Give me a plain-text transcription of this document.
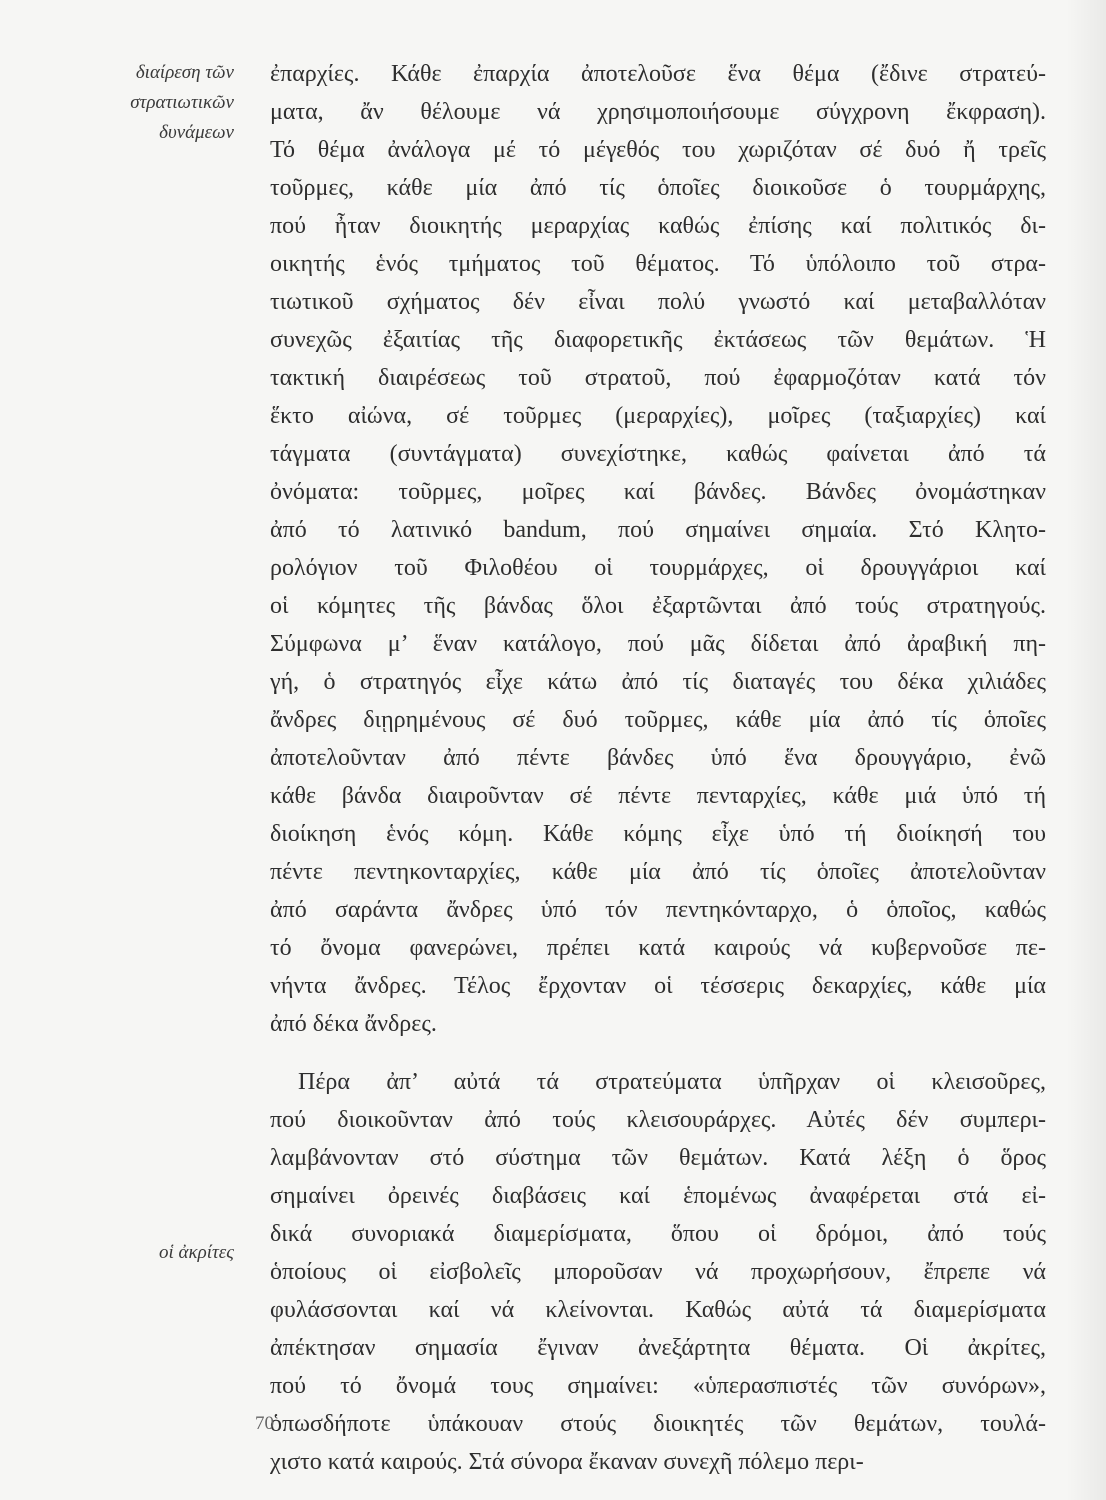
διαίρεση τῶν
στρατιωτικῶν
δυνάμεων
οἱ ἀκρίτες
ἐπαρχίες. Κάθε ἐπαρχία ἀποτελοῦσε ἕνα θέμα (ἔδινε στρατεύ-
ματα, ἄν θέλουμε νά χρησιμοποιήσουμε σύγχρονη ἔκφραση).
Τό θέμα ἀνάλογα μέ τό μέγεθός του χωριζόταν σέ δυό ἤ τρεῖς
τοῦρμες, κάθε μία ἀπό τίς ὁποῖες διοικοῦσε ὁ τουρμάρχης,
πού ἦταν διοικητής μεραρχίας καθώς ἐπίσης καί πολιτικός δι-
οικητής ἑνός τμήματος τοῦ θέματος. Τό ὑπόλοιπο τοῦ στρα-
τιωτικοῦ σχήματος δέν εἶναι πολύ γνωστό καί μεταβαλλόταν
συνεχῶς ἐξαιτίας τῆς διαφορετικῆς ἐκτάσεως τῶν θεμάτων. Ἡ
τακτική διαιρέσεως τοῦ στρατοῦ, πού ἐφαρμοζόταν κατά τόν
ἕκτο αἰώνα, σέ τοῦρμες (μεραρχίες), μοῖρες (ταξιαρχίες) καί
τάγματα (συντάγματα) συνεχίστηκε, καθώς φαίνεται ἀπό τά
ὀνόματα: τοῦρμες, μοῖρες καί βάνδες. Βάνδες ὀνομάστηκαν
ἀπό τό λατινικό bandum, πού σημαίνει σημαία. Στό Κλητο-
ρολόγιον τοῦ Φιλοθέου οἱ τουρμάρχες, οἱ δρουγγάριοι καί
οἱ κόμητες τῆς βάνδας ὅλοι ἐξαρτῶνται ἀπό τούς στρατηγούς.
Σύμφωνα μ’ ἕναν κατάλογο, πού μᾶς δίδεται ἀπό ἀραβική πη-
γή, ὁ στρατηγός εἶχε κάτω ἀπό τίς διαταγές του δέκα χιλιάδες
ἄνδρες διῃρημένους σέ δυό τοῦρμες, κάθε μία ἀπό τίς ὁποῖες
ἀποτελοῦνταν ἀπό πέντε βάνδες ὑπό ἕνα δρουγγάριο, ἐνῶ
κάθε βάνδα διαιροῦνταν σέ πέντε πενταρχίες, κάθε μιά ὑπό τή
διοίκηση ἑνός κόμη. Κάθε κόμης εἶχε ὑπό τή διοίκησή του
πέντε πεντηκονταρχίες, κάθε μία ἀπό τίς ὁποῖες ἀποτελοῦνταν
ἀπό σαράντα ἄνδρες ὑπό τόν πεντηκόνταρχο, ὁ ὁποῖος, καθώς
τό ὄνομα φανερώνει, πρέπει κατά καιρούς νά κυβερνοῦσε πε-
νήντα ἄνδρες. Τέλος ἔρχονταν οἱ τέσσερις δεκαρχίες, κάθε μία
ἀπό δέκα ἄνδρες.
Πέρα ἀπ’ αὐτά τά στρατεύματα ὑπῆρχαν οἱ κλεισοῦρες,
πού διοικοῦνταν ἀπό τούς κλεισουράρχες. Αὐτές δέν συμπερι-
λαμβάνονταν στό σύστημα τῶν θεμάτων. Κατά λέξη ὁ ὅρος
σημαίνει ὀρεινές διαβάσεις καί ἑπομένως ἀναφέρεται στά εἰ-
δικά συνοριακά διαμερίσματα, ὅπου οἱ δρόμοι, ἀπό τούς
ὁποίους οἱ εἰσβολεῖς μποροῦσαν νά προχωρήσουν, ἔπρεπε νά
φυλάσσονται καί νά κλείνονται. Καθώς αὐτά τά διαμερίσματα
ἀπέκτησαν σημασία ἔγιναν ἀνεξάρτητα θέματα. Οἱ ἀκρίτες,
πού τό ὄνομά τους σημαίνει: «ὑπερασπιστές τῶν συνόρων»,
ὁπωσδήποτε ὑπάκουαν στούς διοικητές τῶν θεμάτων, τουλά-
χιστο κατά καιρούς. Στά σύνορα ἔκαναν συνεχῆ πόλεμο περι-
70
